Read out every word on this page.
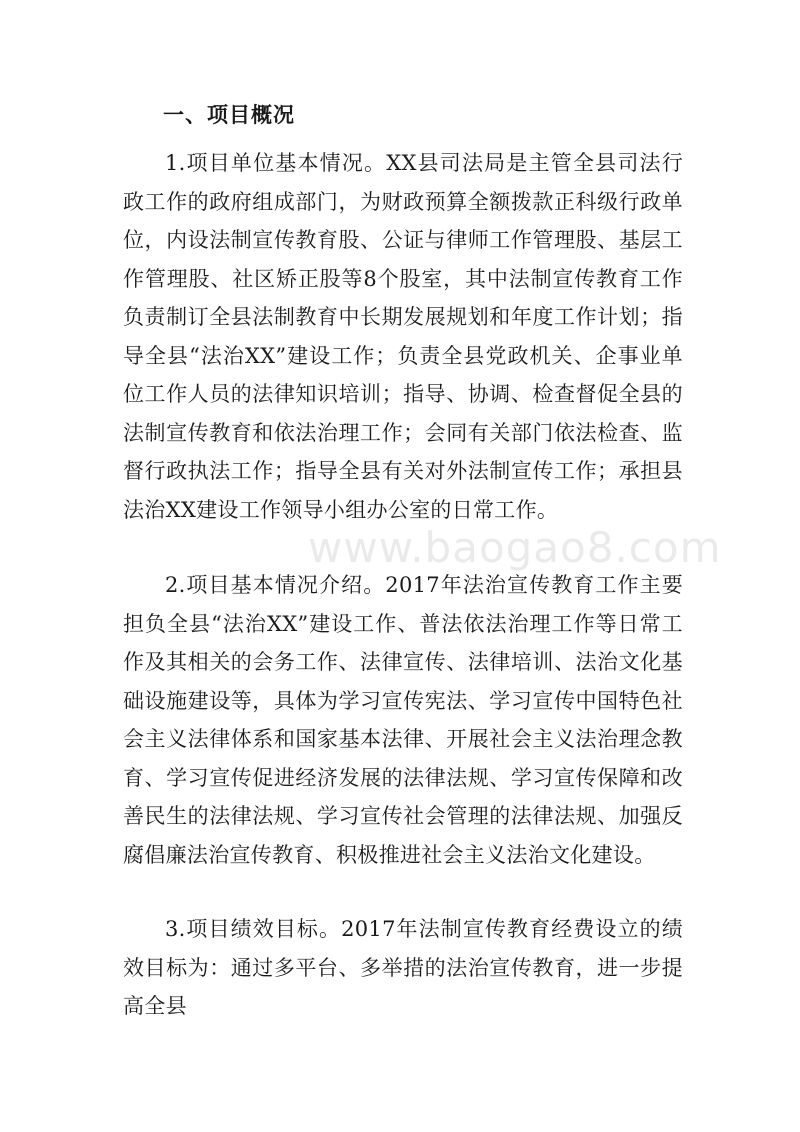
一、项目概况

1.项目单位基本情况。XX县司法局是主管全县司法行政工作的政府组成部门，为财政预算全额拨款正科级行政单位，内设法制宣传教育股、公证与律师工作管理股、基层工作管理股、社区矫正股等8个股室，其中法制宣传教育工作负责制订全县法制教育中长期发展规划和年度工作计划；指导全县“法治XX”建设工作；负责全县党政机关、企事业单位工作人员的法律知识培训；指导、协调、检查督促全县的法制宣传教育和依法治理工作；会同有关部门依法检查、监督行政执法工作；指导全县有关对外法制宣传工作；承担县法治XX建设工作领导小组办公室的日常工作。

2.项目基本情况介绍。2017年法治宣传教育工作主要担负全县“法治XX”建设工作、普法依法治理工作等日常工作及其相关的会务工作、法律宣传、法律培训、法治文化基础设施建设等，具体为学习宣传宪法、学习宣传中国特色社会主义法律体系和国家基本法律、开展社会主义法治理念教育、学习宣传促进经济发展的法律法规、学习宣传保障和改善民生的法律法规、学习宣传社会管理的法律法规、加强反腐倡廉法治宣传教育、积极推进社会主义法治文化建设。

3.项目绩效目标。2017年法制宣传教育经费设立的绩效目标为：通过多平台、多举措的法治宣传教育，进一步提高全县

www.baogao8.com
